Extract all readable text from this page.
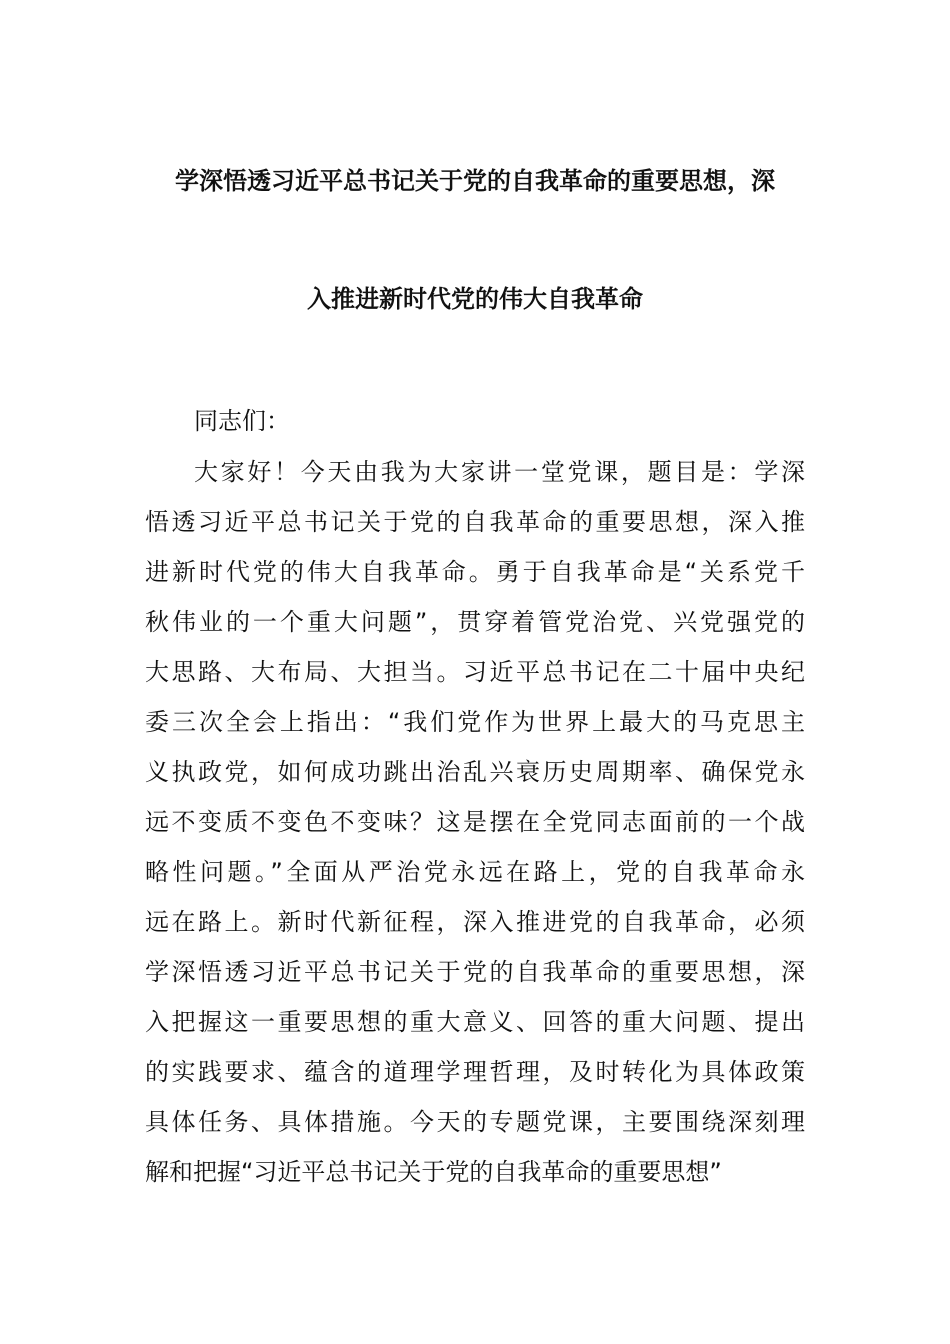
学深悟透习近平总书记关于党的自我革命的重要思想，深
入推进新时代党的伟大自我革命
同志们：
大家好！今天由我为大家讲一堂党课，题目是：学深
悟透习近平总书记关于党的自我革命的重要思想，深入推
进新时代党的伟大自我革命。勇于自我革命是“关系党千
秋伟业的一个重大问题”，贯穿着管党治党、兴党强党的
大思路、大布局、大担当。习近平总书记在二十届中央纪
委三次全会上指出：“我们党作为世界上最大的马克思主
义执政党，如何成功跳出治乱兴衰历史周期率、确保党永
远不变质不变色不变味？这是摆在全党同志面前的一个战
略性问题。”全面从严治党永远在路上，党的自我革命永
远在路上。新时代新征程，深入推进党的自我革命，必须
学深悟透习近平总书记关于党的自我革命的重要思想，深
入把握这一重要思想的重大意义、回答的重大问题、提出
的实践要求、蕴含的道理学理哲理，及时转化为具体政策
具体任务、具体措施。今天的专题党课，主要围绕深刻理
解和把握“习近平总书记关于党的自我革命的重要思想”
